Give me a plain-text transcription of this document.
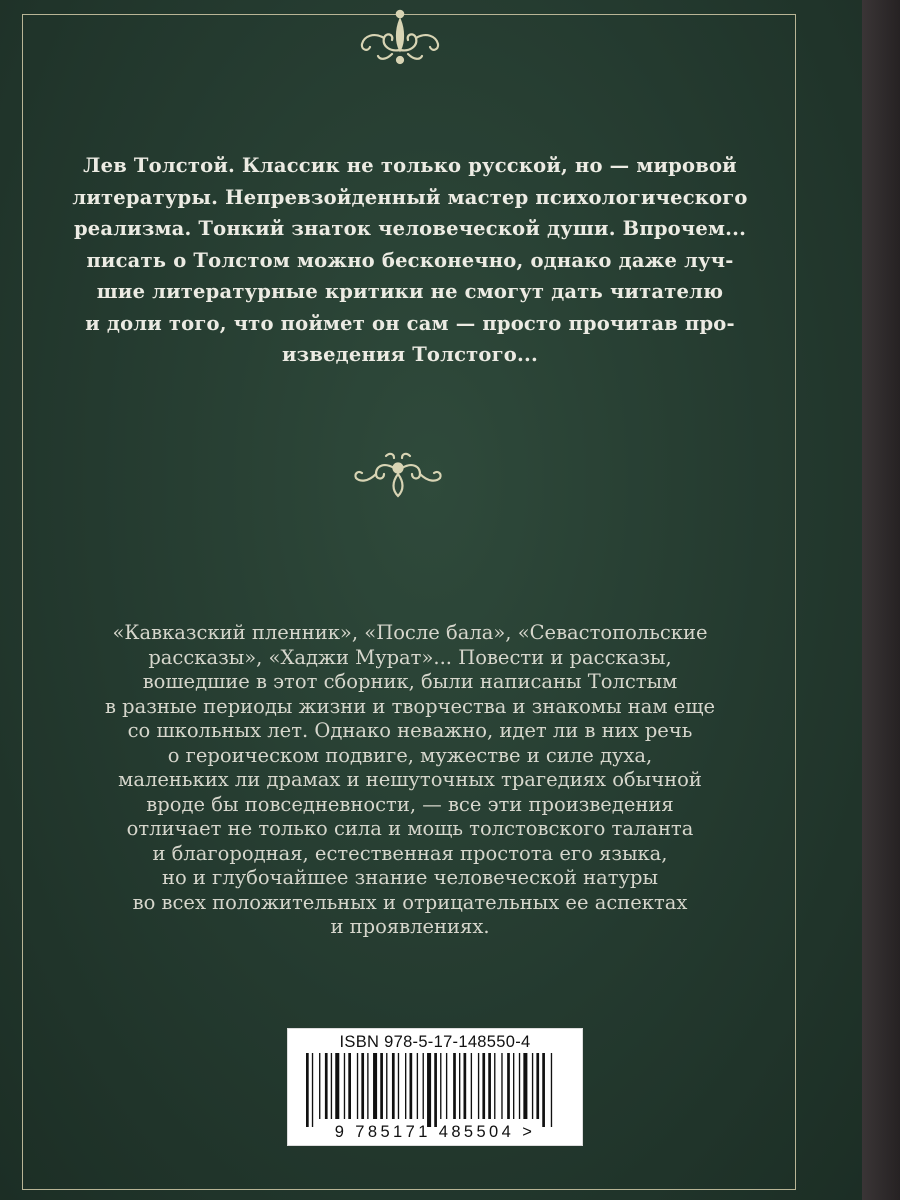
Лев Толстой. Классик не только русской, но — мировой
литературы. Непревзойденный мастер психологического
реализма. Тонкий знаток человеческой души. Впрочем...
писать о Толстом можно бесконечно, однако даже луч-
шие литературные критики не смогут дать читателю
и доли того, что поймет он сам — просто прочитав про-
изведения Толстого...

«Кавказский пленник», «После бала», «Севастопольские
рассказы», «Хаджи Мурат»... Повести и рассказы,
вошедшие в этот сборник, были написаны Толстым
в разные периоды жизни и творчества и знакомы нам еще
со школьных лет. Однако неважно, идет ли в них речь
о героическом подвиге, мужестве и силе духа,
маленьких ли драмах и нешуточных трагедиях обычной
вроде бы повседневности, — все эти произведения
отличает не только сила и мощь толстовского таланта
и благородная, естественная простота его языка,
но и глубочайшее знание человеческой натуры
во всех положительных и отрицательных ее аспектах
и проявлениях.

ISBN 978-5-17-148550-4
9 785171 485504 >
